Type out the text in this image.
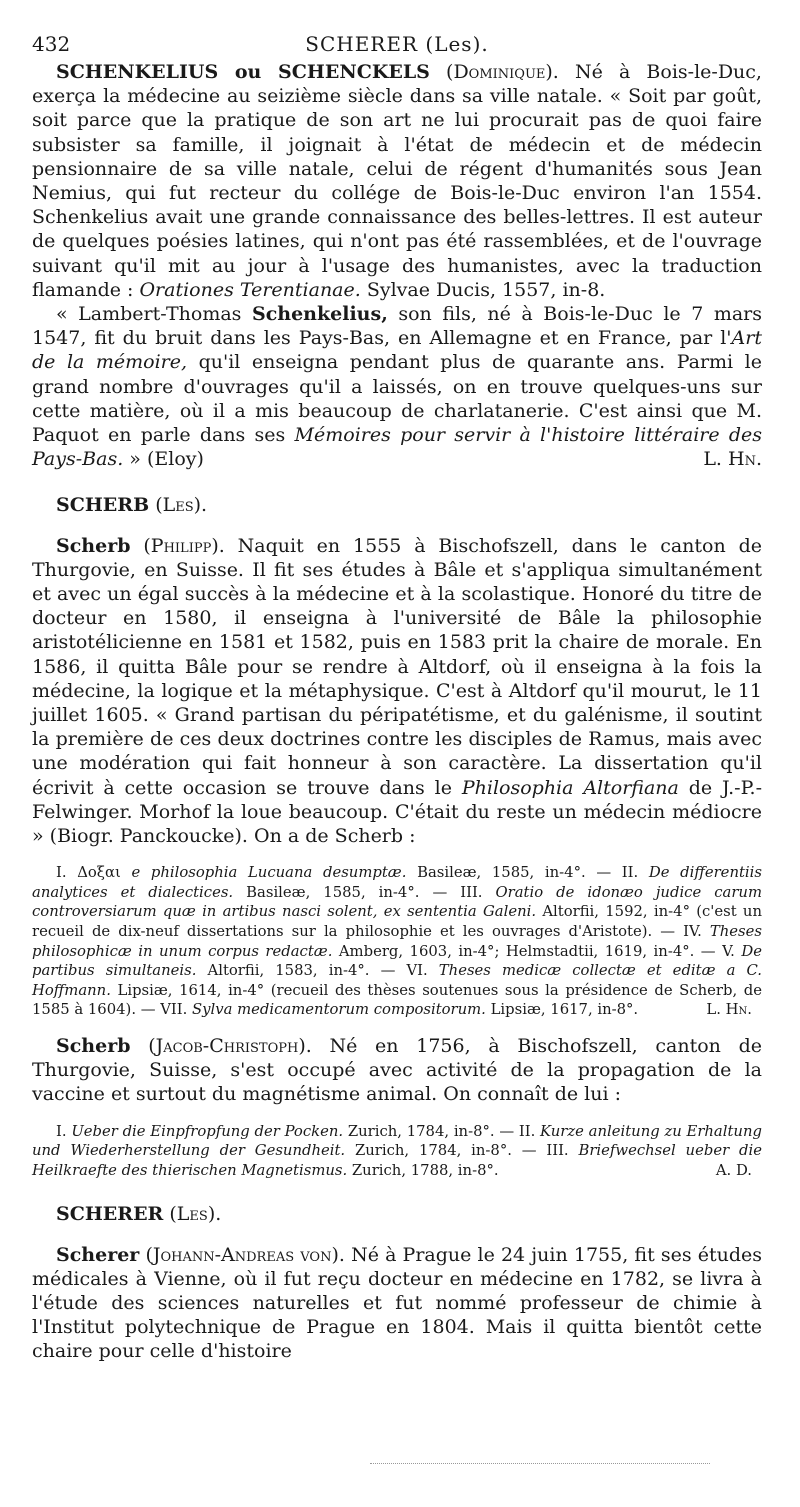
432	SCHERER (Les).

SCHENKELIUS ou SCHENCKELS (Dominique). Né à Bois-le-Duc, exerça la médecine au seizième siècle dans sa ville natale. « Soit par goût, soit parce que la pratique de son art ne lui procurait pas de quoi faire subsister sa famille, il joignait à l'état de médecin et de médecin pensionnaire de sa ville natale, celui de régent d'humanités sous Jean Nemius, qui fut recteur du collége de Bois-le-Duc environ l'an 1554. Schenkelius avait une grande connaissance des belles-lettres. Il est auteur de quelques poésies latines, qui n'ont pas été rassemblées, et de l'ouvrage suivant qu'il mit au jour à l'usage des humanistes, avec la traduction flamande : Orationes Terentianae. Sylvae Ducis, 1557, in-8.

« Lambert-Thomas Schenkelius, son fils, né à Bois-le-Duc le 7 mars 1547, fit du bruit dans les Pays-Bas, en Allemagne et en France, par l'Art de la mémoire, qu'il enseigna pendant plus de quarante ans. Parmi le grand nombre d'ouvrages qu'il a laissés, on en trouve quelques-uns sur cette matière, où il a mis beaucoup de charlatanerie. C'est ainsi que M. Paquot en parle dans ses Mémoires pour servir à l'histoire littéraire des Pays-Bas. » (Eloy)	L. Hn.

SCHERB (Les).

Scherb (Philipp). Naquit en 1555 à Bischofszell, dans le canton de Thurgovie, en Suisse. Il fit ses études à Bâle et s'appliqua simultanément et avec un égal succès à la médecine et à la scolastique. Honoré du titre de docteur en 1580, il enseigna à l'université de Bâle la philosophie aristotélicienne en 1581 et 1582, puis en 1583 prit la chaire de morale. En 1586, il quitta Bâle pour se rendre à Altdorf, où il enseigna à la fois la médecine, la logique et la métaphysique. C'est à Altdorf qu'il mourut, le 11 juillet 1605. « Grand partisan du péripatétisme, et du galénisme, il soutint la première de ces deux doctrines contre les disciples de Ramus, mais avec une modération qui fait honneur à son caractère. La dissertation qu'il écrivit à cette occasion se trouve dans le Philosophia Altorfiana de J.-P.-Felwinger. Morhof la loue beaucoup. C'était du reste un médecin médiocre » (Biogr. Panckoucke). On a de Scherb :

I. Δοξαι e philosophia Lucuana desumptæ. Basileæ, 1585, in-4°. — II. De differentiis analytices et dialectices. Basileæ, 1585, in-4°. — III. Oratio de idonæo judice carum controversiarum quæ in artibus nasci solent, ex sententia Galeni. Altorfii, 1592, in-4° (c'est un recueil de dix-neuf dissertations sur la philosophie et les ouvrages d'Aristote). — IV. Theses philosophicæ in unum corpus redactæ. Amberg, 1603, in-4°; Helmstadtii, 1619, in-4°. — V. De partibus simultaneis. Altorfii, 1583, in-4°. — VI. Theses medicæ collectæ et editæ a C. Hoffmann. Lipsiæ, 1614, in-4° (recueil des thèses soutenues sous la présidence de Scherb, de 1585 à 1604). — VII. Sylva medicamentorum compositorum. Lipsiæ, 1617, in-8°.	L. Hn.

Scherb (Jacob-Christoph). Né en 1756, à Bischofszell, canton de Thurgovie, Suisse, s'est occupé avec activité de la propagation de la vaccine et surtout du magnétisme animal. On connaît de lui :

I. Ueber die Einpfropfung der Pocken. Zurich, 1784, in-8°. — II. Kurze anleitung zu Erhaltung und Wiederherstellung der Gesundheit. Zurich, 1784, in-8°. — III. Briefwechsel ueber die Heilkraefte des thierischen Magnetismus. Zurich, 1788, in-8°.	A. D.

SCHERER (Les).

Scherer (Johann-Andreas von). Né à Prague le 24 juin 1755, fit ses études médicales à Vienne, où il fut reçu docteur en médecine en 1782, se livra à l'étude des sciences naturelles et fut nommé professeur de chimie à l'Institut polytechnique de Prague en 1804. Mais il quitta bientôt cette chaire pour celle d'histoire
